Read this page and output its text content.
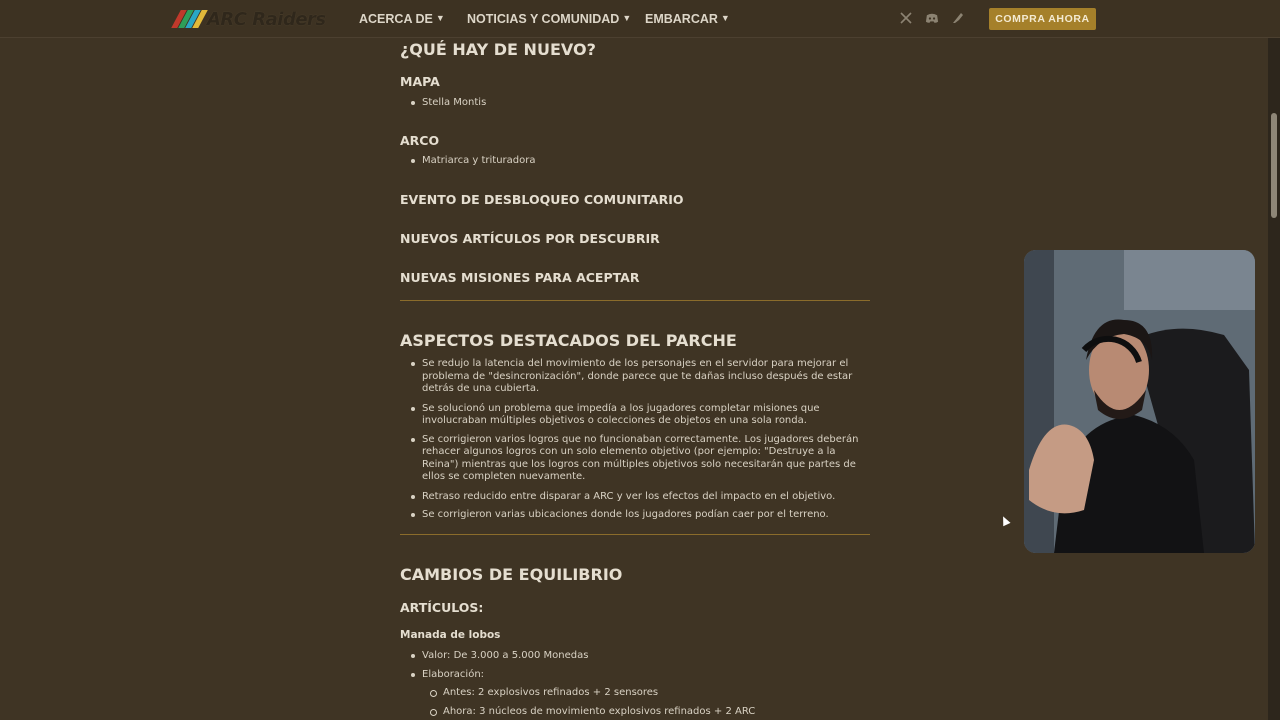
ARC Raiders	ACERCA DE ▼ NOTICIAS Y COMUNIDAD ▼ EMBARCAR ▼	COMPRA AHORA
¿QUÉ HAY DE NUEVO?
MAPA
Stella Montis
ARCO
Matriarca y trituradora
EVENTO DE DESBLOQUEO COMUNITARIO
NUEVOS ARTÍCULOS POR DESCUBRIR
NUEVAS MISIONES PARA ACEPTAR
ASPECTOS DESTACADOS DEL PARCHE
Se redujo la latencia del movimiento de los personajes en el servidor para mejorar el problema de "desincronización", donde parece que te dañas incluso después de estar detrás de una cubierta.
Se solucionó un problema que impedía a los jugadores completar misiones que involucraban múltiples objetivos o colecciones de objetos en una sola ronda.
Se corrigieron varios logros que no funcionaban correctamente. Los jugadores deberán rehacer algunos logros con un solo elemento objetivo (por ejemplo: "Destruye a la Reina") mientras que los logros con múltiples objetivos solo necesitarán que partes de ellos se completen nuevamente.
Retraso reducido entre disparar a ARC y ver los efectos del impacto en el objetivo.
Se corrigieron varias ubicaciones donde los jugadores podían caer por el terreno.
CAMBIOS DE EQUILIBRIO
ARTÍCULOS:
Manada de lobos
Valor: De 3.000 a 5.000 Monedas
Elaboración:
Antes: 2 explosivos refinados + 2 sensores
Ahora: 3 núcleos de movimiento explosivos refinados + 2 ARC
